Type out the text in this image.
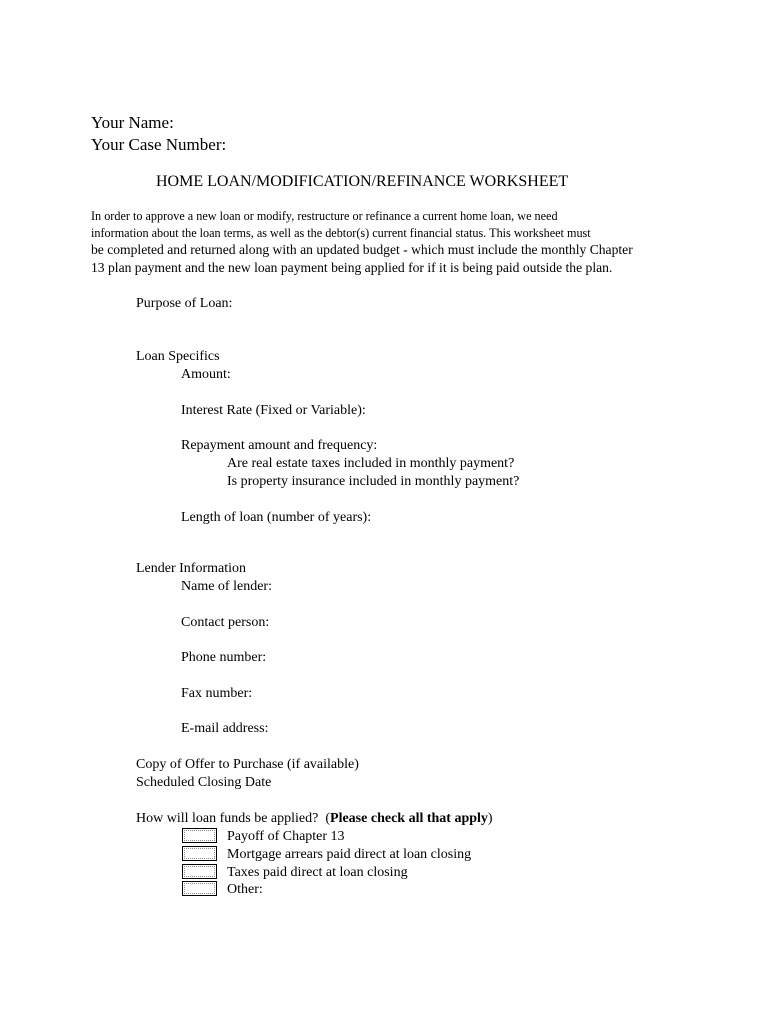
Your Name:
Your Case Number:
HOME LOAN/MODIFICATION/REFINANCE WORKSHEET
In order to approve a new loan or modify, restructure or refinance a current home loan, we need
information about the loan terms, as well as the debtor(s) current financial status. This worksheet must
be completed and returned along with an updated budget - which must include the monthly Chapter
13 plan payment and the new loan payment being applied for if it is being paid outside the plan.
Purpose of Loan:
Loan Specifics
Amount:
Interest Rate (Fixed or Variable):
Repayment amount and frequency:
Are real estate taxes included in monthly payment?
Is property insurance included in monthly payment?
Length of loan (number of years):
Lender Information
Name of lender:
Contact person:
Phone number:
Fax number:
E-mail address:
Copy of Offer to Purchase (if available)
Scheduled Closing Date
How will loan funds be applied? (Please check all that apply)
Payoff of Chapter 13
Mortgage arrears paid direct at loan closing
Taxes paid direct at loan closing
Other:
